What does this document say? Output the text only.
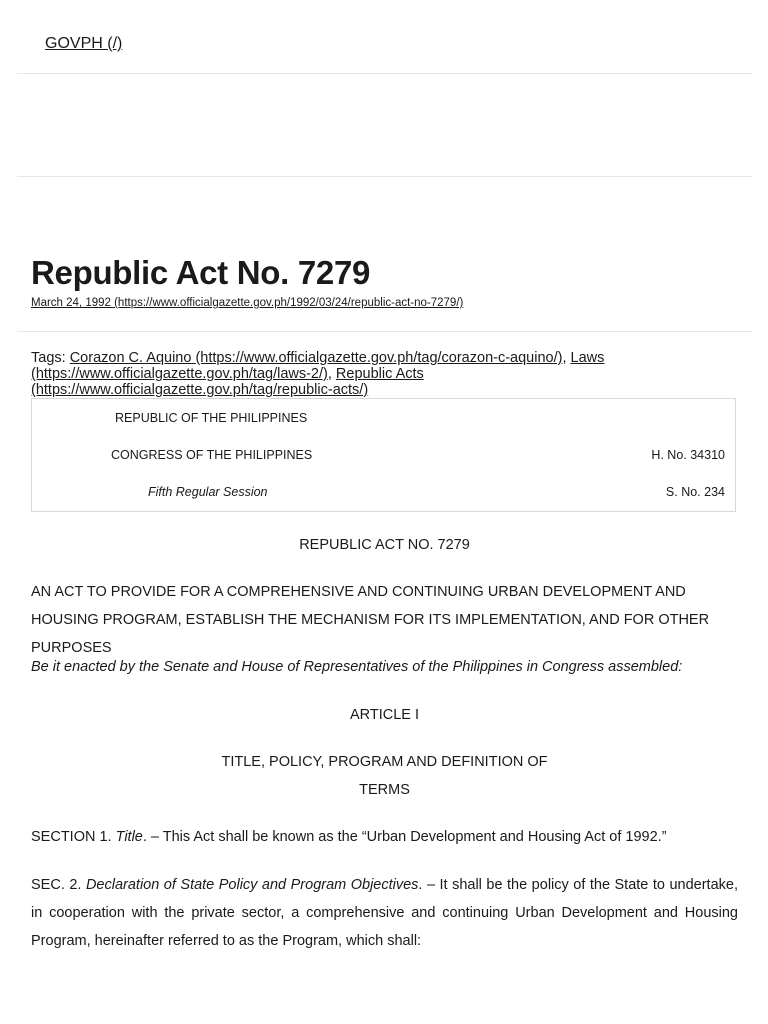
GOVPH (/)
Republic Act No. 7279
March 24, 1992 (https://www.officialgazette.gov.ph/1992/03/24/republic-act-no-7279/)
Tags: Corazon C. Aquino (https://www.officialgazette.gov.ph/tag/corazon-c-aquino/), Laws (https://www.officialgazette.gov.ph/tag/laws-2/), Republic Acts (https://www.officialgazette.gov.ph/tag/republic-acts/)
REPUBLIC OF THE PHILIPPINES
CONGRESS OF THE PHILIPPINES
Fifth Regular Session
H. No. 34310
S. No. 234
REPUBLIC ACT NO. 7279
AN ACT TO PROVIDE FOR A COMPREHENSIVE AND CONTINUING URBAN DEVELOPMENT AND HOUSING PROGRAM, ESTABLISH THE MECHANISM FOR ITS IMPLEMENTATION, AND FOR OTHER PURPOSES
Be it enacted by the Senate and House of Representatives of the Philippines in Congress assembled:
ARTICLE I
TITLE, POLICY, PROGRAM AND DEFINITION OF
TERMS
SECTION 1. Title. – This Act shall be known as the “Urban Development and Housing Act of 1992.”
SEC. 2. Declaration of State Policy and Program Objectives. – It shall be the policy of the State to undertake, in cooperation with the private sector, a comprehensive and continuing Urban Development and Housing Program, hereinafter referred to as the Program, which shall:
